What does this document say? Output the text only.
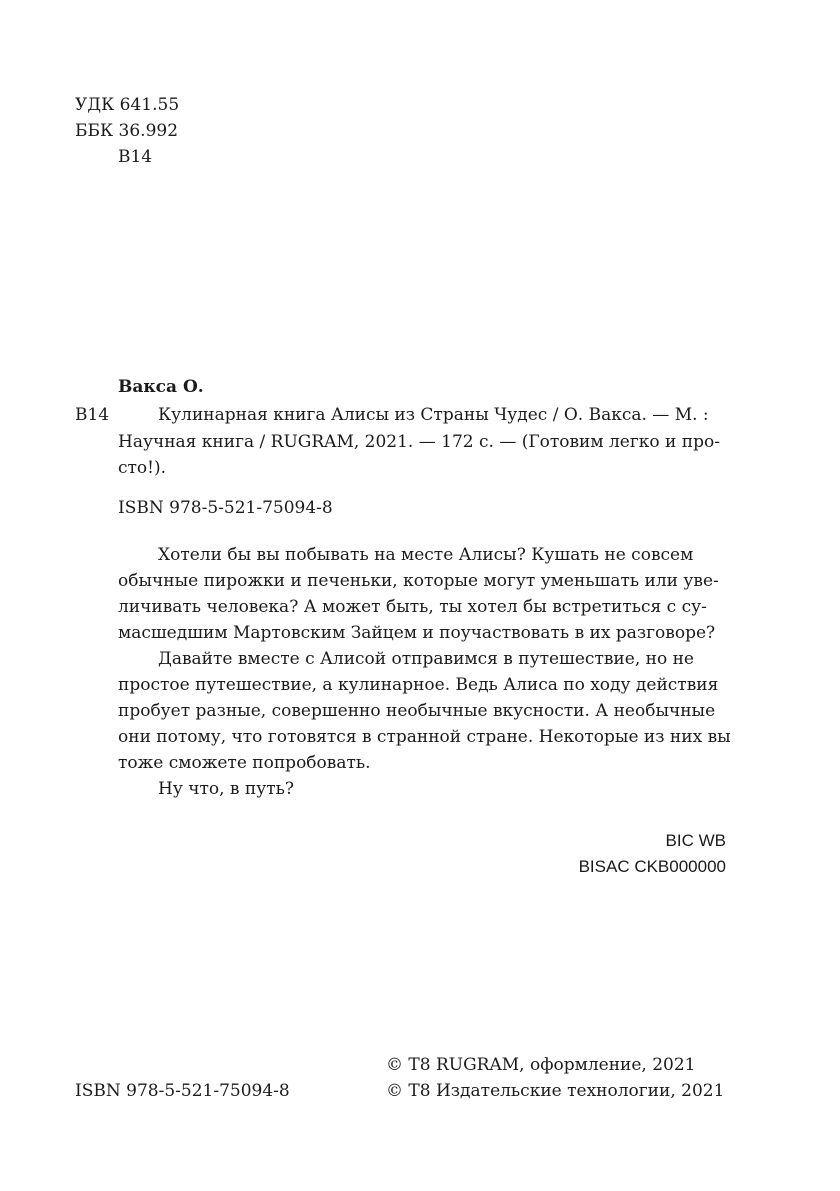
УДК 641.55
ББК 36.992
В14
Вакса О.
В14	Кулинарная книга Алисы из Страны Чудес / О. Вакса. — М. :
Научная книга / RUGRAM, 2021. — 172 с. — (Готовим легко и про-
сто!).
ISBN 978-5-521-75094-8
Хотели бы вы побывать на месте Алисы? Кушать не совсем
обычные пирожки и печеньки, которые могут уменьшать или уве-
личивать человека? А может быть, ты хотел бы встретиться с су-
масшедшим Мартовским Зайцем и поучаствовать в их разговоре?
Давайте вместе с Алисой отправимся в путешествие, но не
простое путешествие, а кулинарное. Ведь Алиса по ходу действия
пробует разные, совершенно необычные вкусности. А необычные
они потому, что готовятся в странной стране. Некоторые из них вы
тоже сможете попробовать.
Ну что, в путь?
BIC WB
BISAC CKB000000
© Т8 RUGRAM, оформление, 2021
ISBN 978-5-521-75094-8	© Т8 Издательские технологии, 2021
